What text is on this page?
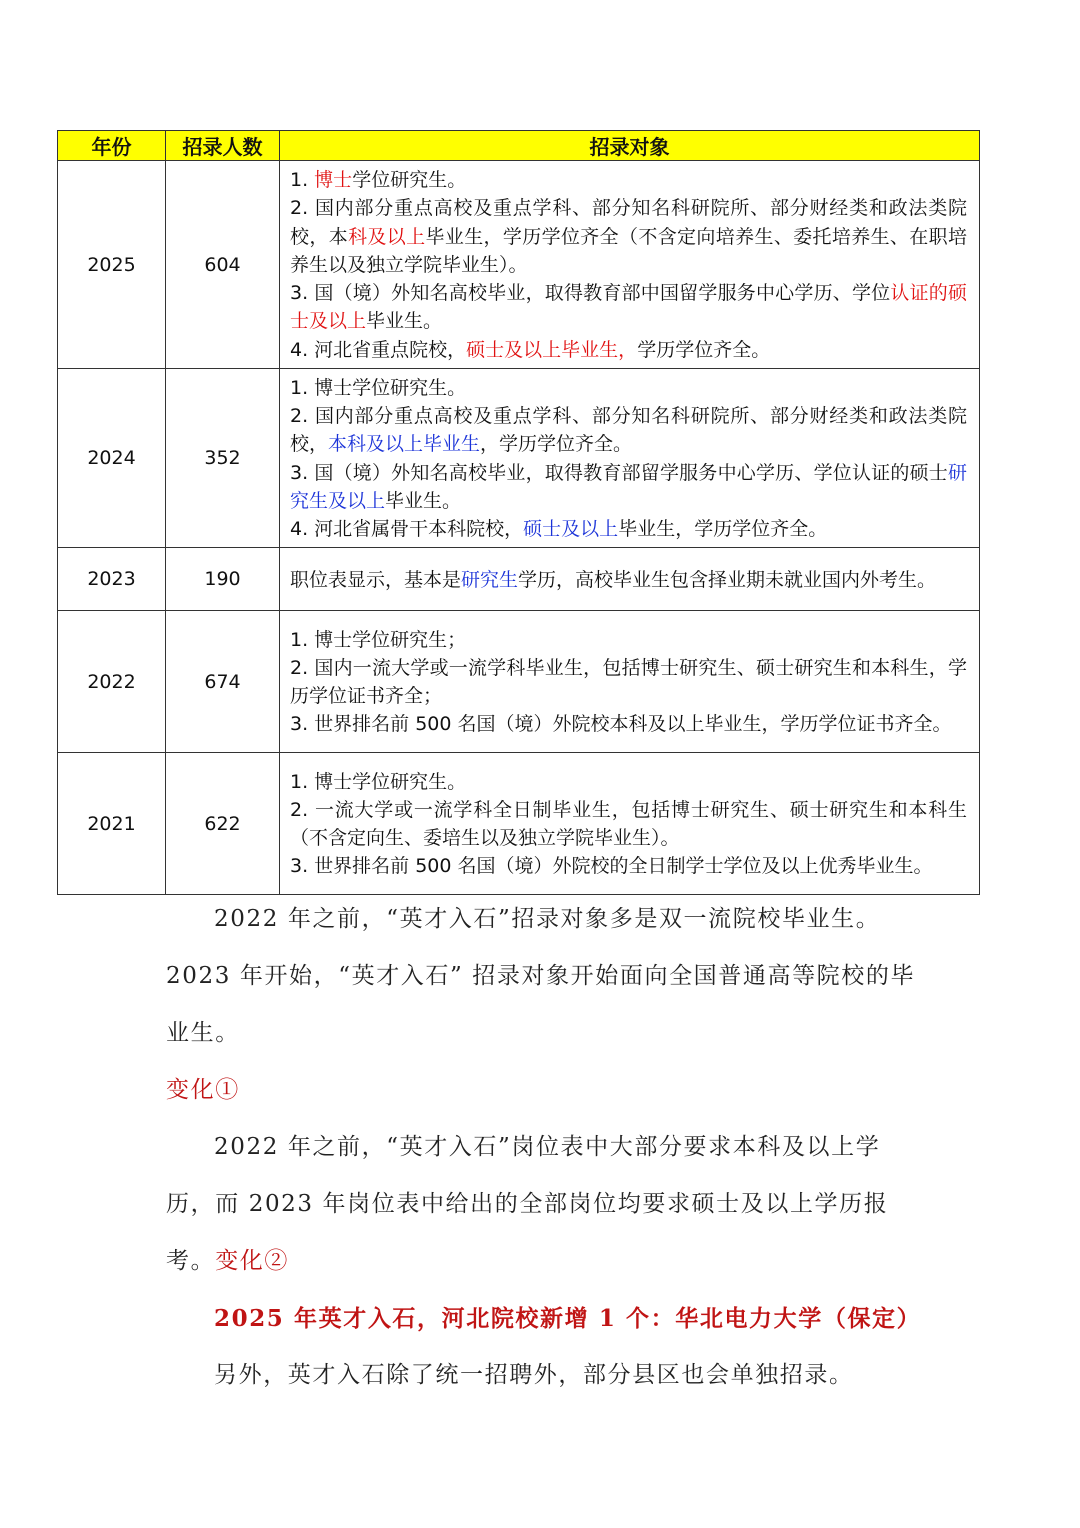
年份	招录人数	招录对象
2025	604	1. 博士学位研究生。
2. 国内部分重点高校及重点学科、部分知名科研院所、部分财经类和政法类院校，本科及以上毕业生，学历学位齐全（不含定向培养生、委托培养生、在职培养生以及独立学院毕业生）。
3. 国（境）外知名高校毕业，取得教育部中国留学服务中心学历、学位认证的硕士及以上毕业生。
4. 河北省重点院校，硕士及以上毕业生，学历学位齐全。

2024	352	1. 博士学位研究生。
2. 国内部分重点高校及重点学科、部分知名科研院所、部分财经类和政法类院校，本科及以上毕业生，学历学位齐全。
3. 国（境）外知名高校毕业，取得教育部留学服务中心学历、学位认证的硕士研究生及以上毕业生。
4. 河北省属骨干本科院校，硕士及以上毕业生，学历学位齐全。

2023	190	职位表显示，基本是研究生学历，高校毕业生包含择业期未就业国内外考生。

2022	674	1. 博士学位研究生；
2. 国内一流大学或一流学科毕业生，包括博士研究生、硕士研究生和本科生，学历学位证书齐全；
3. 世界排名前 500 名国（境）外院校本科及以上毕业生，学历学位证书齐全。

2021	622	1. 博士学位研究生。
2. 一流大学或一流学科全日制毕业生，包括博士研究生、硕士研究生和本科生（不含定向生、委培生以及独立学院毕业生）。
3. 世界排名前 500 名国（境）外院校的全日制学士学位及以上优秀毕业生。

2022 年之前，“英才入石”招录对象多是双一流院校毕业生。2023 年开始，“英才入石” 招录对象开始面向全国普通高等院校的毕业生。

变化①

2022 年之前，“英才入石”岗位表中大部分要求本科及以上学历，而 2023 年岗位表中给出的全部岗位均要求硕士及以上学历报考。变化②

2025 年英才入石，河北院校新增 1 个：华北电力大学（保定）

另外，英才入石除了统一招聘外，部分县区也会单独招录。
